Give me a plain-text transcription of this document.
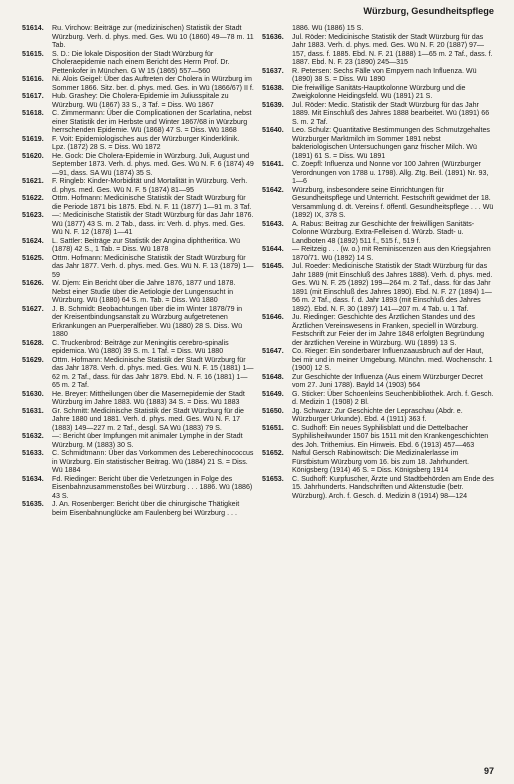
Würzburg, Gesundheitspflege

51614. Ru. Virchow: Beiträge zur (medizinischen) Statistik der Stadt Würzburg. Verh. d. phys. med. Ges. Wü 10 (1860) 49—78 m. 11 Tab.

51615. S. D.: Die lokale Disposition der Stadt Würzburg für Choleraepidemie nach einem Bericht des Herrn Prof. Dr. Pettenkofer in München. G W 15 (1865) 557—560

51616. Ni. Alois Geigel: Über das Auftreten der Cholera in Würzburg im Sommer 1866. Sitz. ber. d. phys. med. Ges. in Wü (1866/67) II f.

51617. Hub. Grashey: Die Cholera-Epidemie im Juliusspitale zu Würzburg. Wü (1867) 33 S., 3 Taf. = Diss. Wü 1867

51618. C. Zimmermann: Über die Complicationen der Scarlatina, nebst einer Statistik der im Herbste und Winter 1867/68 in Würzburg herrschenden Epidemie. Wü (1868) 47 S. = Diss. Wü 1868

51619. F. Voit: Epidemiologisches aus der Würzburger Kinderklinik. Lpz. (1872) 28 S. = Diss. Wü 1872

51620. He. Gock: Die Cholera-Epidemie in Würzburg. Juli, August und September 1873. Verh. d. phys. med. Ges. Wü N. F. 6 (1874) 49—91, dass. SA Wü (1874) 35 S.

51621. F. Ringleb: Kinder-Morbidität und Mortalität in Würzburg. Verh. d. phys. med. Ges. Wü N. F. 5 (1874) 81—95

51622. Ottm. Hofmann: Medicinische Statistik der Stadt Würzburg für die Periode 1871 bis 1875. Ebd. N. F. 11 (1877) 1—91 m. 3 Taf.

51623. —: Medicinische Statistik der Stadt Würzburg für das Jahr 1876. Wü (1877) 43 S. m. 2 Tab., dass. in: Verh. d. phys. med. Ges. Wü N. F. 12 (1878) 1—41

51624. L. Sattler: Beiträge zur Statistik der Angina diphtheritica. Wü (1878) 42 S., 1 Tab. = Diss. Wü 1878

51625. Ottm. Hofmann: Medicinische Statistik der Stadt Würzburg für das Jahr 1877. Verh. d. phys. med. Ges. Wü N. F. 13 (1879) 1—59

51626. W. Djem: Ein Bericht über die Jahre 1876, 1877 und 1878. Nebst einer Studie über die Aetiologie der Lungensucht in Würzburg. Wü (1880) 64 S. m. Tab. = Diss. Wü 1880

51627. J. B. Schmidt: Beobachtungen über die im Winter 1878/79 in der Kreisentbindungsanstalt zu Würzburg aufgetretenen Erkrankungen an Puerperalfieber. Wü (1880) 28 S. Diss. Wü 1880

51628. C. Truckenbrod: Beiträge zur Meningitis cerebro-spinalis epidemica. Wü (1880) 39 S. m. 1 Taf. = Diss. Wü 1880

51629. Ottm. Hofmann: Medicinische Statistik der Stadt Würzburg für das Jahr 1878. Verh. d. phys. med. Ges. Wü N. F. 15 (1881) 1—62 m. 2 Taf., dass. für das Jahr 1879. Ebd. N. F. 16 (1881) 1—65 m. 2 Taf.

51630. He. Breyer: Mittheilungen über die Masernepidemie der Stadt Würzburg im Jahre 1883. Wü (1883) 34 S. = Diss. Wü 1883

51631. Gr. Schmitt: Medicinische Statistik der Stadt Würzburg für die Jahre 1880 und 1881. Verh. d. phys. med. Ges. Wü N. F. 17 (1883) 149—227 m. 2 Taf., desgl. SA Wü (1883) 79 S.

51632. —: Bericht über Impfungen mit animaler Lymphe in der Stadt Würzburg. M (1883) 30 S.

51633. C. Schmidtmann: Über das Vorkommen des Leberechinococcus in Würzburg. Ein statistischer Beitrag. Wü (1884) 21 S. = Diss. Wü 1884

51634. Fd. Riedinger: Bericht über die Verletzungen in Folge des Eisenbahnzusammenstoßes bei Würzburg . . . 1886. Wü (1886) 43 S.

51635. J. An. Rosenberger: Bericht über die chirurgische Thätigkeit beim Eisenbahnunglücke am Faulenberg bei Würzburg . . .

1886. Wü (1886) 15 S.

51636. Jul. Röder: Medicinische Statistik der Stadt Würzburg für das Jahr 1883. Verh. d. phys. med. Ges. Wü N. F. 20 (1887) 97—157, dass. f. 1885. Ebd. N. F. 21 (1888) 1—65 m. 2 Taf., dass. f. 1887. Ebd. N. F. 23 (1890) 245—315

51637. R. Petersen: Sechs Fälle von Empyem nach Influenza. Wü (1890) 38 S. = Diss. Wü 1890

51638. Die freiwillige Sanitäts-Hauptkolonne Würzburg und die Zweigkolonne Heidingsfeld. Wü (1891) 21 S.

51639. Jul. Röder: Medic. Statistik der Stadt Würzburg für das Jahr 1889. Mit Einschluß des Jahres 1888 bearbeitet. Wü (1891) 66 S. m. 2 Taf.

51640. Leo. Schulz: Quantitative Bestimmungen des Schmutzgehaltes Würzburger Marktmilch im Sommer 1891 nebst bakteriologischen Untersuchungen ganz frischer Milch. Wü (1891) 61 S. = Diss. Wü 1891

51641. C. Zoepfl: Influenza und Nonne vor 100 Jahren (Würzburger Verordnungen von 1788 u. 1798). Allg. Ztg. Beil. (1891) Nr. 93, 1—6

51642. Würzburg, insbesondere seine Einrichtungen für Gesundheitspflege und Unterricht. Festschrift gewidmet der 18. Versammlung d. dt. Vereins f. öffentl. Gesundheitspflege . . . Wü (1892) IX, 378 S.

51643. A. Rabus: Beitrag zur Geschichte der freiwilligen Sanitäts-Colonne Würzburg. Extra-Felleisen d. Würzb. Stadt- u. Landboten 48 (1892) 511 f., 515 f., 519 f.

51644. — Reitzeig . . . (w. o.) mit Reminiscenzen aus den Kriegsjahren 1870/71. Wü (1892) 14 S.

51645. Jul. Roeder: Medicinische Statistik der Stadt Würzburg für das Jahr 1889 (mit Einschluß des Jahres 1888). Verh. d. phys. med. Ges. Wü N. F. 25 (1892) 199—264 m. 2 Taf., dass. für das Jahr 1891 (mit Einschluß des Jahres 1890). Ebd. N. F. 27 (1894) 1—56 m. 2 Taf., dass. f. d. Jahr 1893 (mit Einschluß des Jahres 1892). Ebd. N. F. 30 (1897) 141—207 m. 4 Tab. u. 1 Taf.

51646. Ju. Riedinger: Geschichte des Ärztlichen Standes und des Ärztlichen Vereinswesens in Franken, speciell in Würzburg. Festschrift zur Feier der im Jahre 1848 erfolgten Begründung der ärztlichen Vereine in Würzburg. Wü (1899) 13 S.

51647. Co. Rieger: Ein sonderbarer Influenzaausbruch auf der Haut, bei mir und in meiner Umgebung. Münchn. med. Wochenschr. 1 (1900) 12 S.

51648. Zur Geschichte der Influenza (Aus einem Würzburger Decret vom 27. Juni 1788). Bayld 14 (1903) 564

51649. G. Sticker: Über Schoenleins Seuchenbibliothek. Arch. f. Gesch. d. Medizin 1 (1908) 2 Bl.

51650. Jg. Schwarz: Zur Geschichte der Lepraschau (Abdr. e. Würzburger Urkunde). Ebd. 4 (1911) 363 f.

51651. C. Sudhoff: Ein neues Syphilisblatt und die Dettelbacher Syphilisheilwunder 1507 bis 1511 mit den Krankengeschichten des Joh. Trithemius. Ein Hinweis. Ebd. 6 (1913) 457—463

51652. Naftul Gersch Rabinowitsch: Die Medizinalerlasse im Fürstbistum Würzburg vom 16. bis zum 18. Jahrhundert. Königsberg (1914) 46 S. = Diss. Königsberg 1914

51653. C. Sudhoff: Kurpfuscher, Ärzte und Stadtbehörden am Ende des 15. Jahrhunderts. Handschriften und Aktenstudie (betr. Würzburg). Arch. f. Gesch. d. Medizin 8 (1914) 98—124

97
